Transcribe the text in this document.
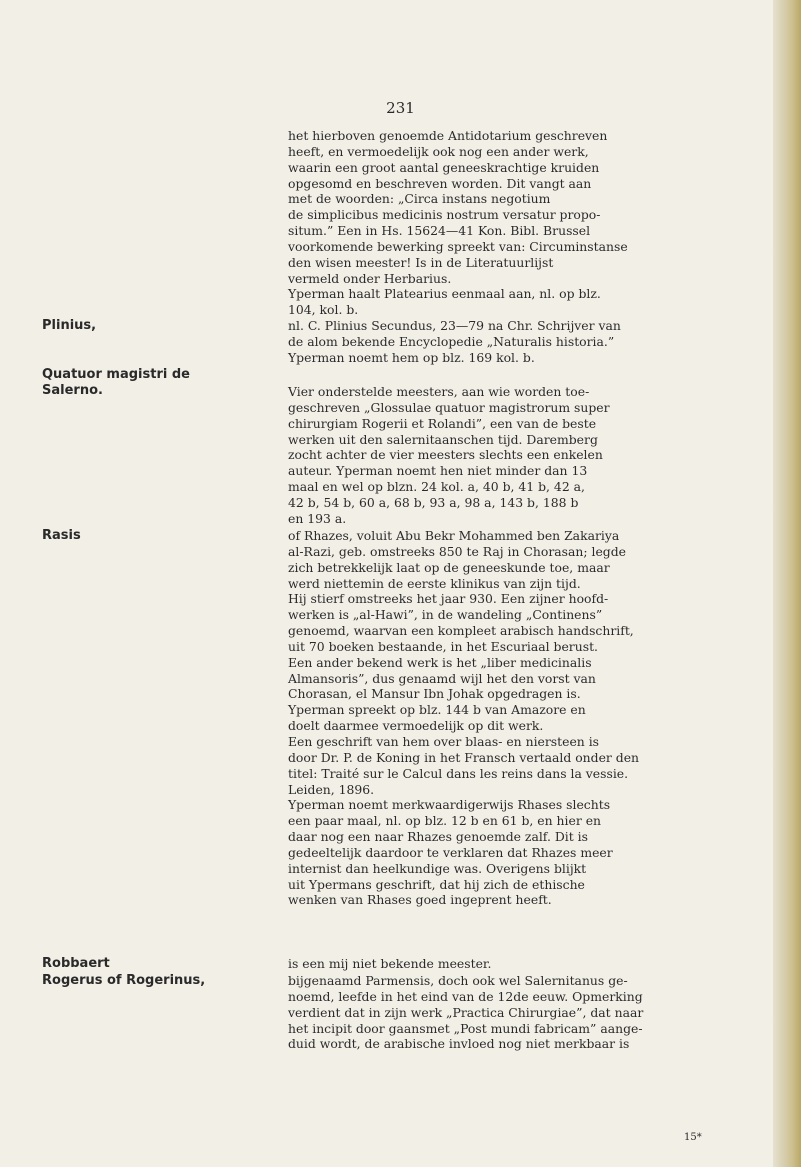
231
het hierboven genoemde Antidotarium geschreven
heeft, en vermoedelijk ook nog een ander werk,
waarin een groot aantal geneeskrachtige kruiden
opgesomd en beschreven worden. Dit vangt aan
met de woorden: „Circa instans negotium
de simplicibus medicinis nostrum versatur propo-
situm.” Een in Hs. 15624—41 Kon. Bibl. Brussel
voorkomende bewerking spreekt van: Circuminstanse
den wisen meester! Is in de Literatuurlijst
vermeld onder Herbarius.
Yperman haalt Platearius eenmaal aan, nl. op blz.
104, kol. b.
Plinius,	nl. C. Plinius Secundus, 23—79 na Chr. Schrijver van
de alom bekende Encyclopedie „Naturalis historia.”
Yperman noemt hem op blz. 169 kol. b.
Quatuor magistri de
Salerno.	Vier ondersteld​e meesters, aan wie worden toe-
geschreven „Glossulae quatuor magistrorum super
chirurgiam Rogerii et Rolandi”, een van de beste
werken uit den salernitaanschen tijd. Daremberg
zocht achter de vier meesters slechts een enkelen
auteur. Yperman noemt hen niet minder dan 13
maal en wel op blzn. 24 kol. a, 40 b, 41 b, 42 a,
42 b, 54 b, 60 a, 68 b, 93 a, 98 a, 143 b, 188 b
en 193 a.
Rasis	of Rhazes, voluit Abu Bekr Mohammed ben Zakariya
al-Razi, geb. omstreeks 850 te Raj in Chorasan; legde
zich betrekkelijk laat op de geneeskunde toe, maar
werd niettemin de eerste klinikus van zijn tijd.
Hij stierf omstreeks het jaar 930. Een zijner hoofd-
werken is „al-Hawi”, in de wandeling „Continens”
genoemd, waarvan een kompleet arabisch handschrift,
uit 70 boeken bestaande, in het Escuriaal berust.
Een ander bekend werk is het „liber medicinalis
Almansoris”, dus genaamd wijl het den vorst van
Chorasan, el Mansur Ibn Johak opgedragen is.
Yperman spreekt op blz. 144 b van Amazore en
doelt daarmee vermoedelijk op dit werk.
Een geschrift van hem over blaas- en niersteen is
door Dr. P. de Koning in het Fransch vertaald onder den
titel: Traité sur le Calcul dans les reins dans la vessie.
Leiden, 1896.
Yperman noemt merkwaardigerwijs Rhases slechts
een paar maal, nl. op blz. 12 b en 61 b, en hier en
daar nog een naar Rhazes genoemde zalf. Dit is
gedeeltelijk daardoor te verklaren dat Rhazes meer
internist dan heelkundige was. Overigens blijkt
uit Ypermans geschrift, dat hij zich de ethische
wenken van Rhases goed ingeprent heeft.
Robbaert	is een mij niet bekende meester.
Rogerus of Rogerinus,	bijgenaamd Parmensis, doch ook wel Salernitanus ge-
noemd, leefde in het eind van de 12de eeuw. Opmerking
verdient dat in zijn werk „Practica Chirurgiae”, dat naar
het incipit door gaansmet „Post mundi fabricam” aange-
duid wordt, de arabische invloed nog niet merkbaar is
15*
